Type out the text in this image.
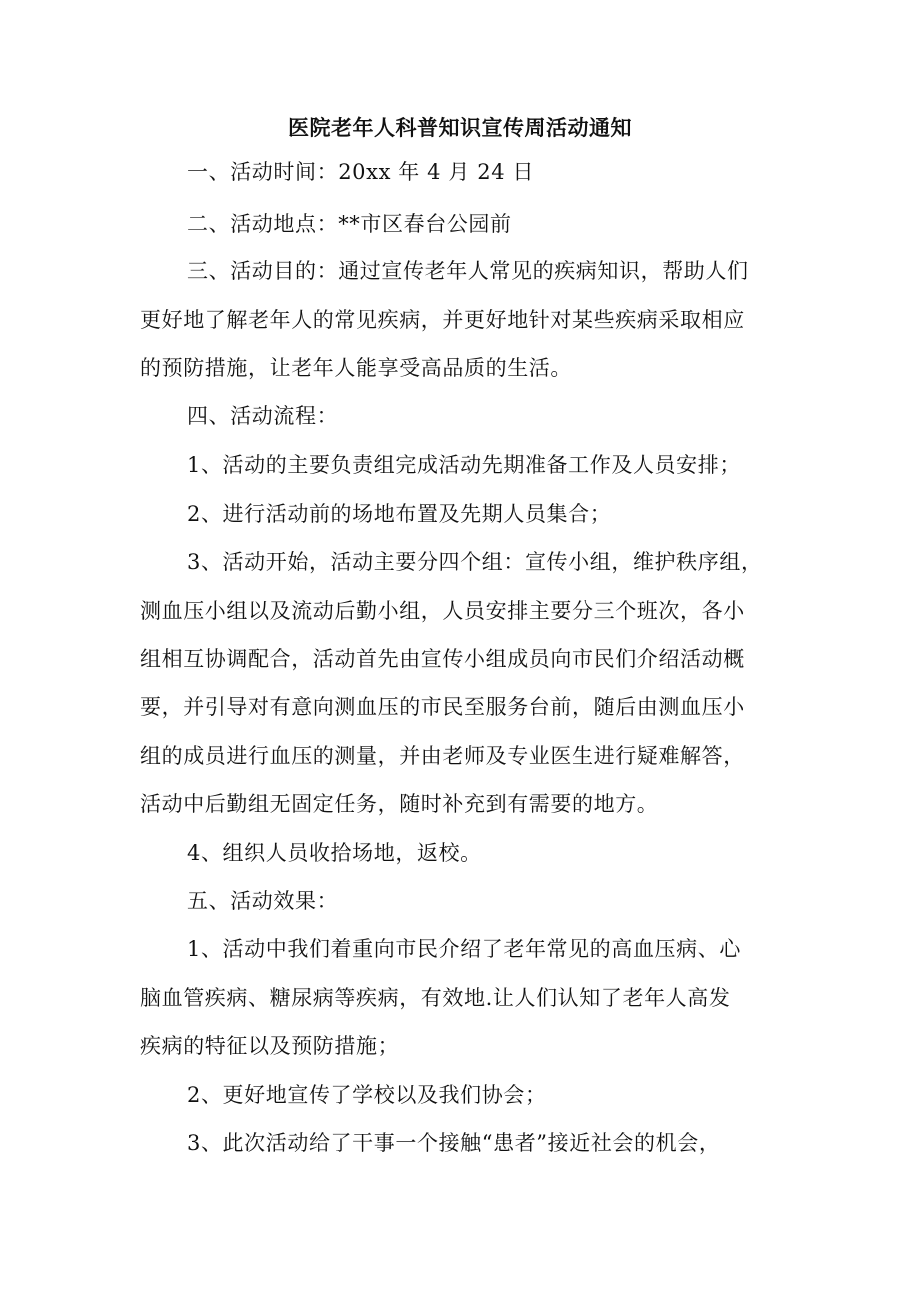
医院老年人科普知识宣传周活动通知
一、活动时间：20xx 年 4 月 24 日
二、活动地点：**市区春台公园前
三、活动目的：通过宣传老年人常见的疾病知识，帮助人们
更好地了解老年人的常见疾病，并更好地针对某些疾病采取相应
的预防措施，让老年人能享受高品质的生活。
四、活动流程：
1、活动的主要负责组完成活动先期准备工作及人员安排；
2、进行活动前的场地布置及先期人员集合；
3、活动开始，活动主要分四个组：宣传小组，维护秩序组，
测血压小组以及流动后勤小组，人员安排主要分三个班次，各小
组相互协调配合，活动首先由宣传小组成员向市民们介绍活动概
要，并引导对有意向测血压的市民至服务台前，随后由测血压小
组的成员进行血压的测量，并由老师及专业医生进行疑难解答，
活动中后勤组无固定任务，随时补充到有需要的地方。
4、组织人员收拾场地，返校。
五、活动效果：
1、活动中我们着重向市民介绍了老年常见的高血压病、心
脑血管疾病、糖尿病等疾病，有效地.让人们认知了老年人高发
疾病的特征以及预防措施；
2、更好地宣传了学校以及我们协会；
3、此次活动给了干事一个接触“患者”接近社会的机会，
